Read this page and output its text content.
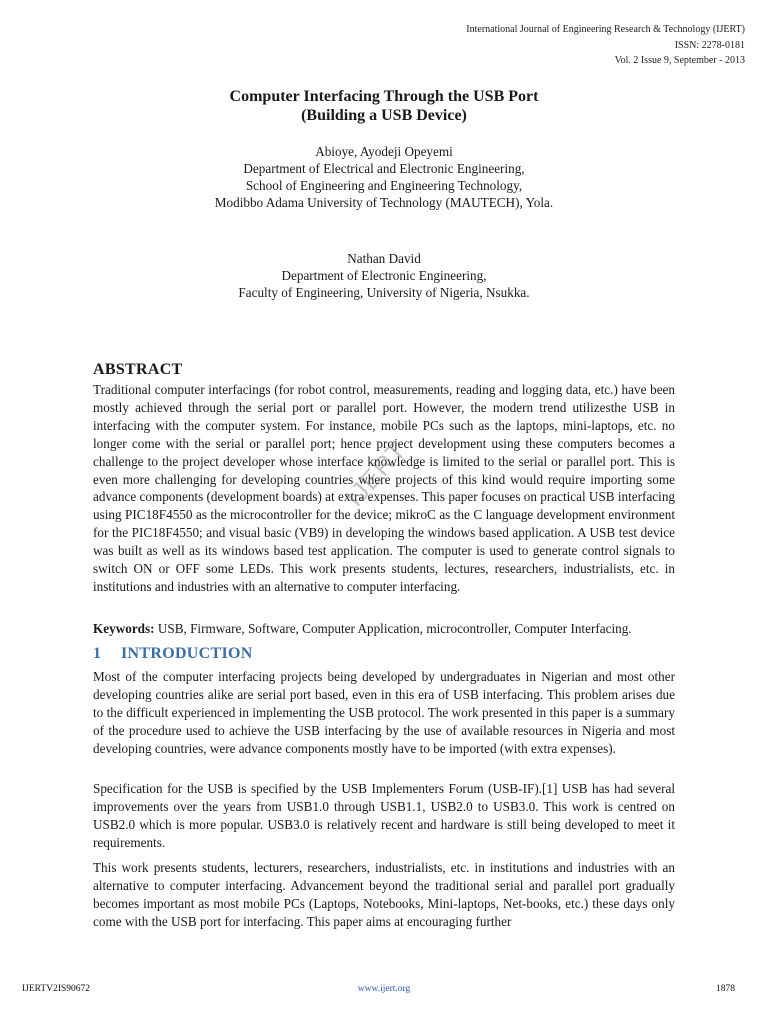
International Journal of Engineering Research & Technology (IJERT)
ISSN: 2278-0181
Vol. 2 Issue 9, September - 2013
Computer Interfacing Through the USB Port
(Building a USB Device)
Abioye, Ayodeji Opeyemi
Department of Electrical and Electronic Engineering,
School of Engineering and Engineering Technology,
Modibbo Adama University of Technology (MAUTECH), Yola.
Nathan David
Department of Electronic Engineering,
Faculty of Engineering, University of Nigeria, Nsukka.
ABSTRACT

Traditional computer interfacings (for robot control, measurements, reading and logging data, etc.) have been mostly achieved through the serial port or parallel port. However, the modern trend utilizesthe USB in interfacing with the computer system. For instance, mobile PCs such as the laptops, mini-laptops, etc. no longer come with the serial or parallel port; hence project development using these computers becomes a challenge to the project developer whose interface knowledge is limited to the serial or parallel port. This is even more challenging for developing countries where projects of this kind would require importing some advance components (development boards) at extra expenses. This paper focuses on practical USB interfacing using PIC18F4550 as the microcontroller for the device; mikroC as the C language development environment for the PIC18F4550; and visual basic (VB9) in developing the windows based application. A USB test device was built as well as its windows based test application. The computer is used to generate control signals to switch ON or OFF some LEDs. This work presents students, lectures, researchers, industrialists, etc. in institutions and industries with an alternative to computer interfacing.

Keywords: USB, Firmware, Software, Computer Application, microcontroller, Computer Interfacing.

1 INTRODUCTION

Most of the computer interfacing projects being developed by undergraduates in Nigerian and most other developing countries alike are serial port based, even in this era of USB interfacing. This problem arises due to the difficult experienced in implementing the USB protocol. The work presented in this paper is a summary of the procedure used to achieve the USB interfacing by the use of available resources in Nigeria and most developing countries, were advance components mostly have to be imported (with extra expenses).

Specification for the USB is specified by the USB Implementers Forum (USB-IF).[1] USB has had several improvements over the years from USB1.0 through USB1.1, USB2.0 to USB3.0. This work is centred on USB2.0 which is more popular. USB3.0 is relatively recent and hardware is still being developed to meet it requirements.

This work presents students, lecturers, researchers, industrialists, etc. in institutions and industries with an alternative to computer interfacing. Advancement beyond the traditional serial and parallel port gradually becomes important as most mobile PCs (Laptops, Notebooks, Mini-laptops, Net-books, etc.) these days only come with the USB port for interfacing. This paper aims at encouraging further

IJERT
IJERTV2IS90672	www.ijert.org	1878
